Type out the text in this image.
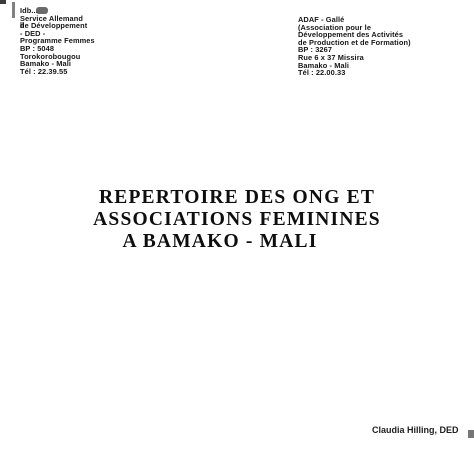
Idb...
Service Allemand
de Développement
- DED -
Programme Femmes
BP : 5048
Torokorobougou
Bamako - Mali
Tél : 22.39.55
ADAF - Gallé
(Association pour le
Développement des Activités
de Production et de Formation)
BP : 3267
Rue 6 x 37 Missira
Bamako - Mali
Tél : 22.00.33
REPERTOIRE DES ONG ET
ASSOCIATIONS FEMININES
A BAMAKO - MALI
Claudia Hilling, DED
